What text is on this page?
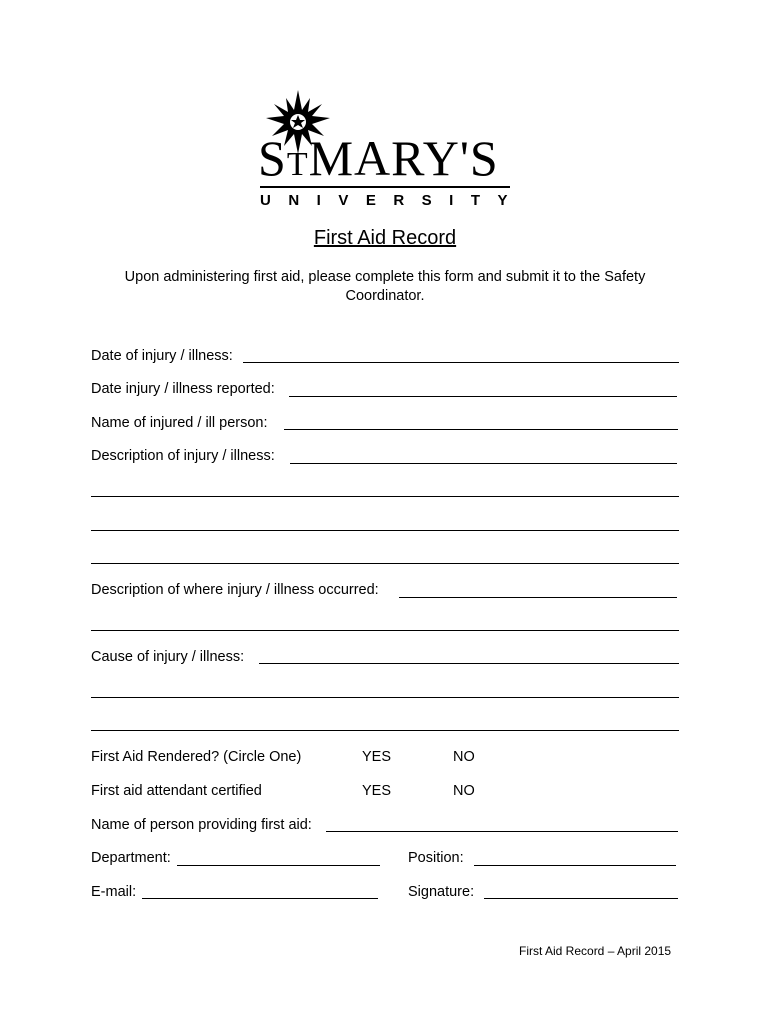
STMARY'S
UNIVERSITY
First Aid Record
Upon administering first aid, please complete this form and submit it to the Safety Coordinator.
Date of injury / illness:
Date injury / illness reported:
Name of injured / ill person:
Description of injury / illness:
Description of where injury / illness occurred:
Cause of injury / illness:
First Aid Rendered? (Circle One)	YES	NO
First aid attendant certified	YES	NO
Name of person providing first aid:
Department:	Position:
E-mail:	Signature:
First Aid Record – April 2015
